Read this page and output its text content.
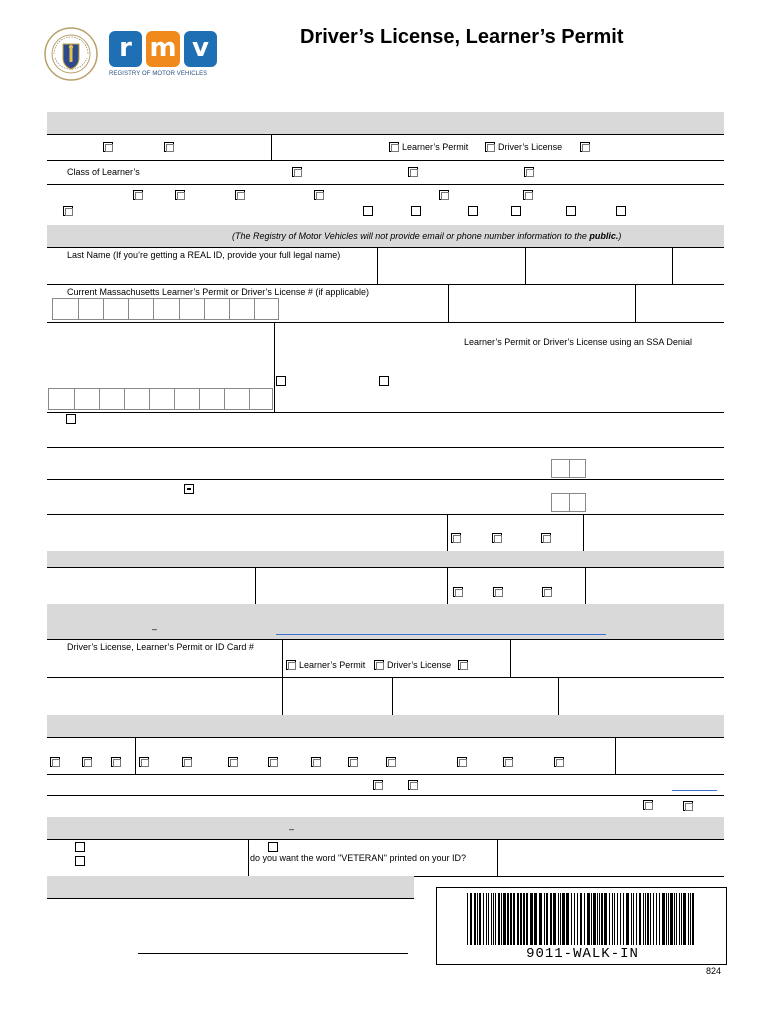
r m v
REGISTRY OF MOTOR VEHICLES
Driver’s License, Learner’s Permit
Learner’s Permit	Driver’s License
Class of Learner’s
(The Registry of Motor Vehicles will not provide email or phone number information to the public.)
Last Name (If you’re getting a REAL ID, provide your full legal name)
Current Massachusetts Learner’s Permit or Driver’s License # (if applicable)
Learner’s Permit or Driver’s License using an SSA Denial
–
Driver’s License, Learner’s Permit or ID Card #
Learner’s Permit Driver’s License
–
do you want the word "VETERAN" printed on your ID?
9011-WALK-IN
824
